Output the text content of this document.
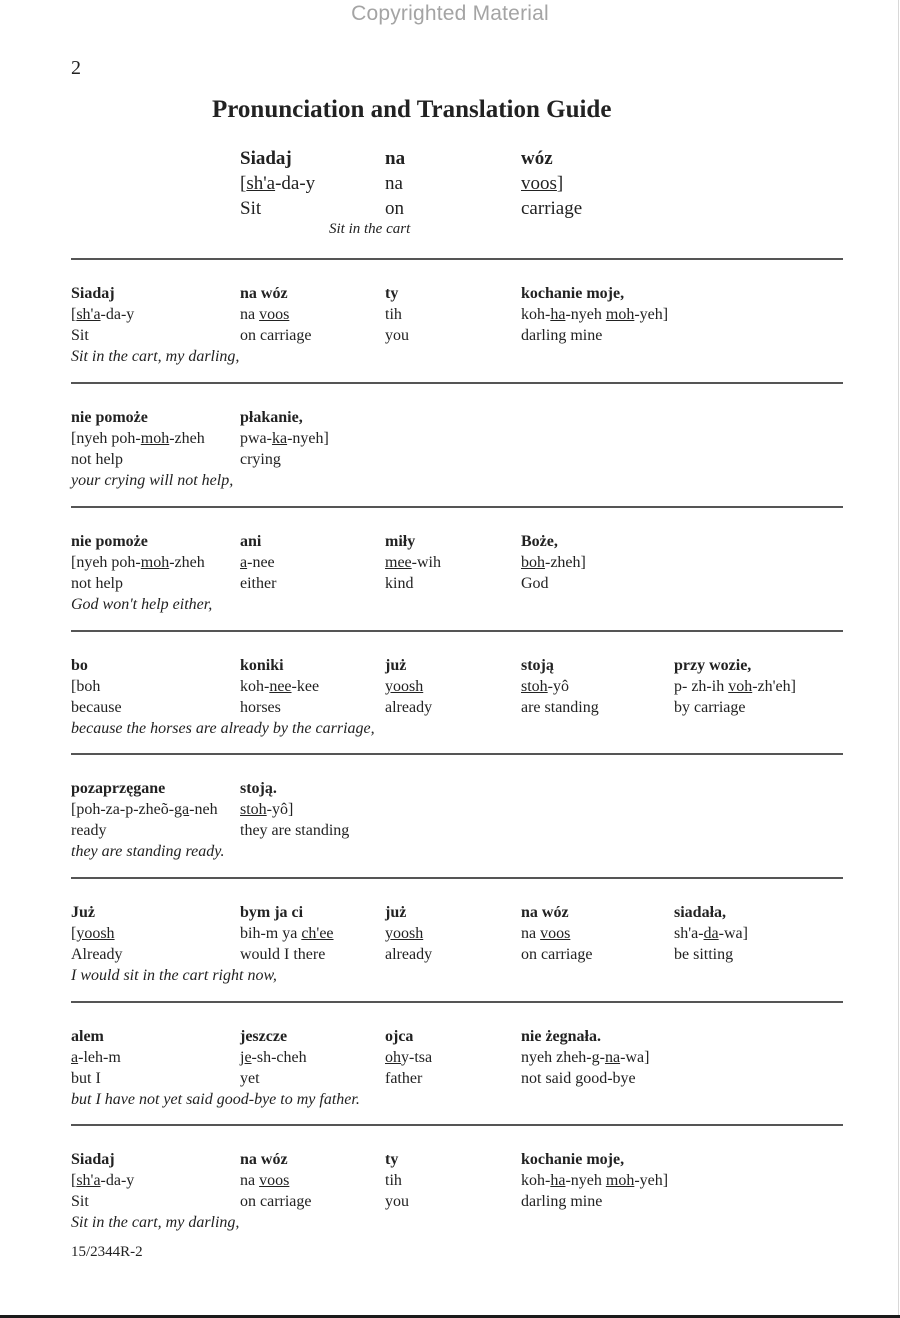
Copyrighted Material
2
Pronunciation and Translation Guide
Siadaj
[sh'a-da-y
Sit
na
na
on
wóz
voos]
carriage
Sit in the cart
Siadaj
[sh'a-da-y
Sit
na wóz
na voos
on carriage
ty
tih
you
kochanie moje,
koh-ha-nyeh moh-yeh]
darling mine
Sit in the cart, my darling,
nie pomoże
[nyeh poh-moh-zheh
not help
płakanie,
pwa-ka-nyeh]
crying
your crying will not help,
nie pomoże
[nyeh poh-moh-zheh
not help
ani
a-nee
either
miły
mee-wih
kind
Boże,
boh-zheh]
God
God won't help either,
bo
[boh
because
koniki
koh-nee-kee
horses
już
yoosh
already
stoją
stoh-yô
are standing
przy wozie,
p- zh-ih voh-zh'eh]
by carriage
because the horses are already by the carriage,
pozaprzęgane
[poh-za-p-zheõ-ga-neh
ready
stoją.
stoh-yô]
they are standing
they are standing ready.
Już
[yoosh
Already
bym ja ci
bih-m ya ch'ee
would I there
już
yoosh
already
na wóz
na voos
on carriage
siadała,
sh'a-da-wa]
be sitting
I would sit in the cart right now,
alem
a-leh-m
but I
jeszcze
je-sh-cheh
yet
ojca
ohy-tsa
father
nie żegnała.
nyeh zheh-g-na-wa]
not said good-bye
but I have not yet said good-bye to my father.
Siadaj
[sh'a-da-y
Sit
na wóz
na voos
on carriage
ty
tih
you
kochanie moje,
koh-ha-nyeh moh-yeh]
darling mine
Sit in the cart, my darling,
15/2344R-2
